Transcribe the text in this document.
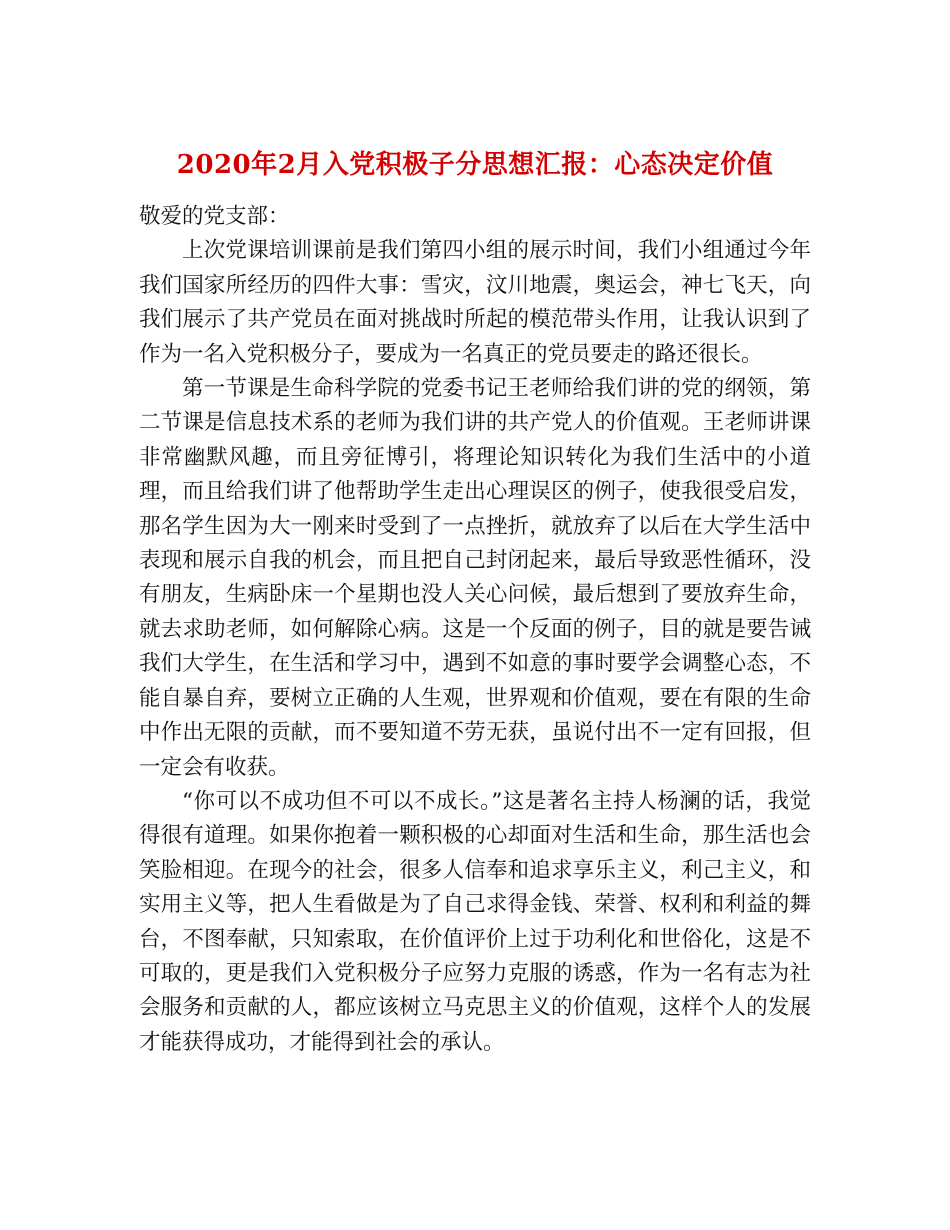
2020年2月入党积极子分思想汇报：心态决定价值

敬爱的党支部：

上次党课培训课前是我们第四小组的展示时间，我们小组通过今年我们国家所经历的四件大事：雪灾，汶川地震，奥运会，神七飞天，向我们展示了共产党员在面对挑战时所起的模范带头作用，让我认识到了作为一名入党积极分子，要成为一名真正的党员要走的路还很长。

第一节课是生命科学院的党委书记王老师给我们讲的党的纲领，第二节课是信息技术系的老师为我们讲的共产党人的价值观。王老师讲课非常幽默风趣，而且旁征博引，将理论知识转化为我们生活中的小道理，而且给我们讲了他帮助学生走出心理误区的例子，使我很受启发，那名学生因为大一刚来时受到了一点挫折，就放弃了以后在大学生活中表现和展示自我的机会，而且把自己封闭起来，最后导致恶性循环，没有朋友，生病卧床一个星期也没人关心问候，最后想到了要放弃生命，就去求助老师，如何解除心病。这是一个反面的例子，目的就是要告诫我们大学生，在生活和学习中，遇到不如意的事时要学会调整心态，不能自暴自弃，要树立正确的人生观，世界观和价值观，要在有限的生命中作出无限的贡献，而不要知道不劳无获，虽说付出不一定有回报，但一定会有收获。

“你可以不成功但不可以不成长。”这是著名主持人杨澜的话，我觉得很有道理。如果你抱着一颗积极的心却面对生活和生命，那生活也会笑脸相迎。在现今的社会，很多人信奉和追求享乐主义，利己主义，和实用主义等，把人生看做是为了自己求得金钱、荣誉、权利和利益的舞台，不图奉献，只知索取，在价值评价上过于功利化和世俗化，这是不可取的，更是我们入党积极分子应努力克服的诱惑，作为一名有志为社会服务和贡献的人，都应该树立马克思主义的价值观，这样个人的发展才能获得成功，才能得到社会的承认。
